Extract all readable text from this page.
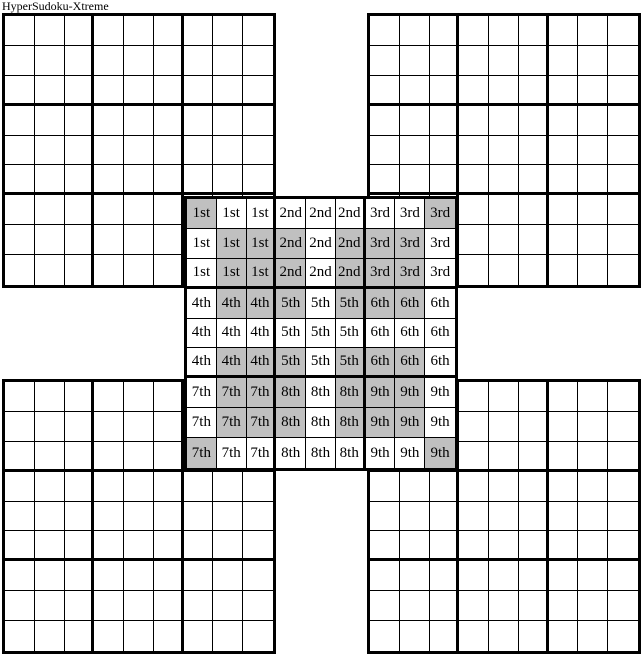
HyperSudoku-Xtreme
1st 1st 1st 2nd 2nd 2nd 3rd 3rd 3rd
1st 1st 1st 2nd 2nd 2nd 3rd 3rd 3rd
1st 1st 1st 2nd 2nd 2nd 3rd 3rd 3rd
4th 4th 4th 5th 5th 5th 6th 6th 6th
4th 4th 4th 5th 5th 5th 6th 6th 6th
4th 4th 4th 5th 5th 5th 6th 6th 6th
7th 7th 7th 8th 8th 8th 9th 9th 9th
7th 7th 7th 8th 8th 8th 9th 9th 9th
7th 7th 7th 8th 8th 8th 9th 9th 9th
